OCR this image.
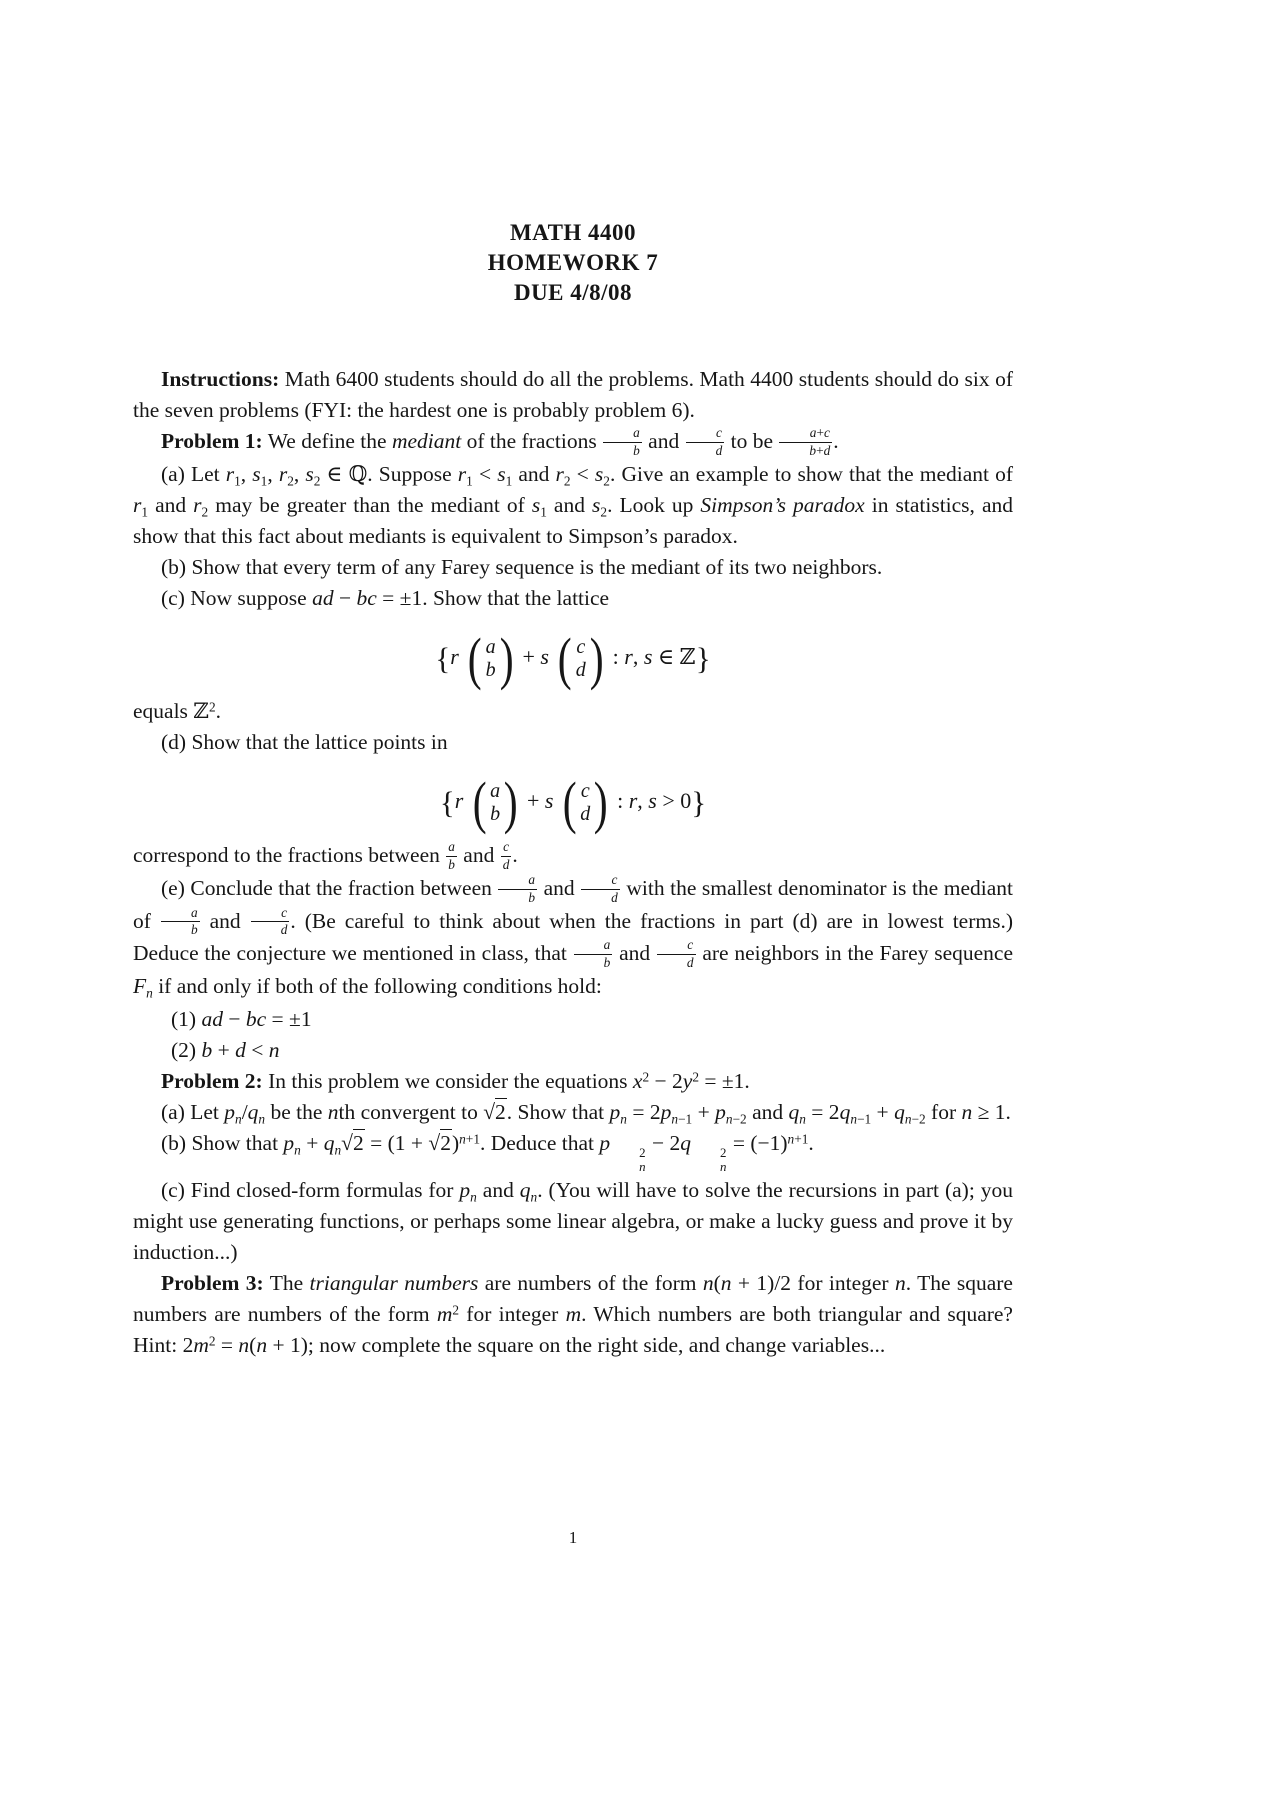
MATH 4400
HOMEWORK 7
DUE 4/8/08

Instructions: Math 6400 students should do all the problems. Math 4400 students should do six of the seven problems (FYI: the hardest one is probably problem 6).

Problem 1: We define the mediant of the fractions $\frac{a}{b}$ and $\frac{c}{d}$ to be $\frac{a+c}{b+d}$ .

(a) Let $r_1$, $s_1$, $r_2$, $s_2$ ∈ ℚ. Suppose $r_1 < s_1$ and $r_2 < s_2$. Give an example to show that the mediant of $r_1$ and $r_2$ may be greater than the mediant of $s_1$ and $s_2$. Look up Simpson’s paradox in statistics, and show that this fact about mediants is equivalent to Simpson’s paradox.

(b) Show that every term of any Farey sequence is the mediant of its two neighbors.

(c) Now suppose ad − bc = ±1. Show that the lattice

{r ( a
b ) + s ( c
d ) : r, s ∈ ℤ}

equals ℤ$^2$.

(d) Show that the lattice points in

{r ( a
b ) + s ( c
d ) : r, s > 0}

correspond to the fractions between $\frac{a}{b}$ and $\frac{c}{d}$ .

(e) Conclude that the fraction between $\frac{a}{b}$ and $\frac{c}{d}$ with the smallest denominator is the mediant of $\frac{a}{b}$ and $\frac{c}{d}$ . (Be careful to think about when the fractions in part (d) are in lowest terms.) Deduce the conjecture we mentioned in class, that $\frac{a}{b}$ and $\frac{c}{d}$ are neighbors in the Farey sequence $F_n$ if and only if both of the following conditions hold:

(1) ad − bc = ±1

(2) b + d < n

Problem 2: In this problem we consider the equations $x^2 - 2y^2 = \pm 1$.

(a) Let $p_n/q_n$ be the nth convergent to √2. Show that $p_n = 2p_{n-1} + p_{n-2}$ and $q_n = 2q_{n-1} + q_{n-2}$ for n ≥ 1.

(b) Show that $p_n + q_n√2 = (1 + √2)^{n+1}$. Deduce that p	2
n
− 2q	2
n
= $(-1)^{n+1}$.

(c) Find closed-form formulas for $p_n$ and $q_n$. (You will have to solve the recursions in part (a); you might use generating functions, or perhaps some linear algebra, or make a lucky guess and prove it by induction...)

Problem 3: The triangular numbers are numbers of the form n(n + 1)/2 for integer n. The square numbers are numbers of the form $m^2$ for integer m. Which numbers are both triangular and square? Hint: $2m^2 = n(n + 1)$; now complete the square on the right side, and change variables...

1
